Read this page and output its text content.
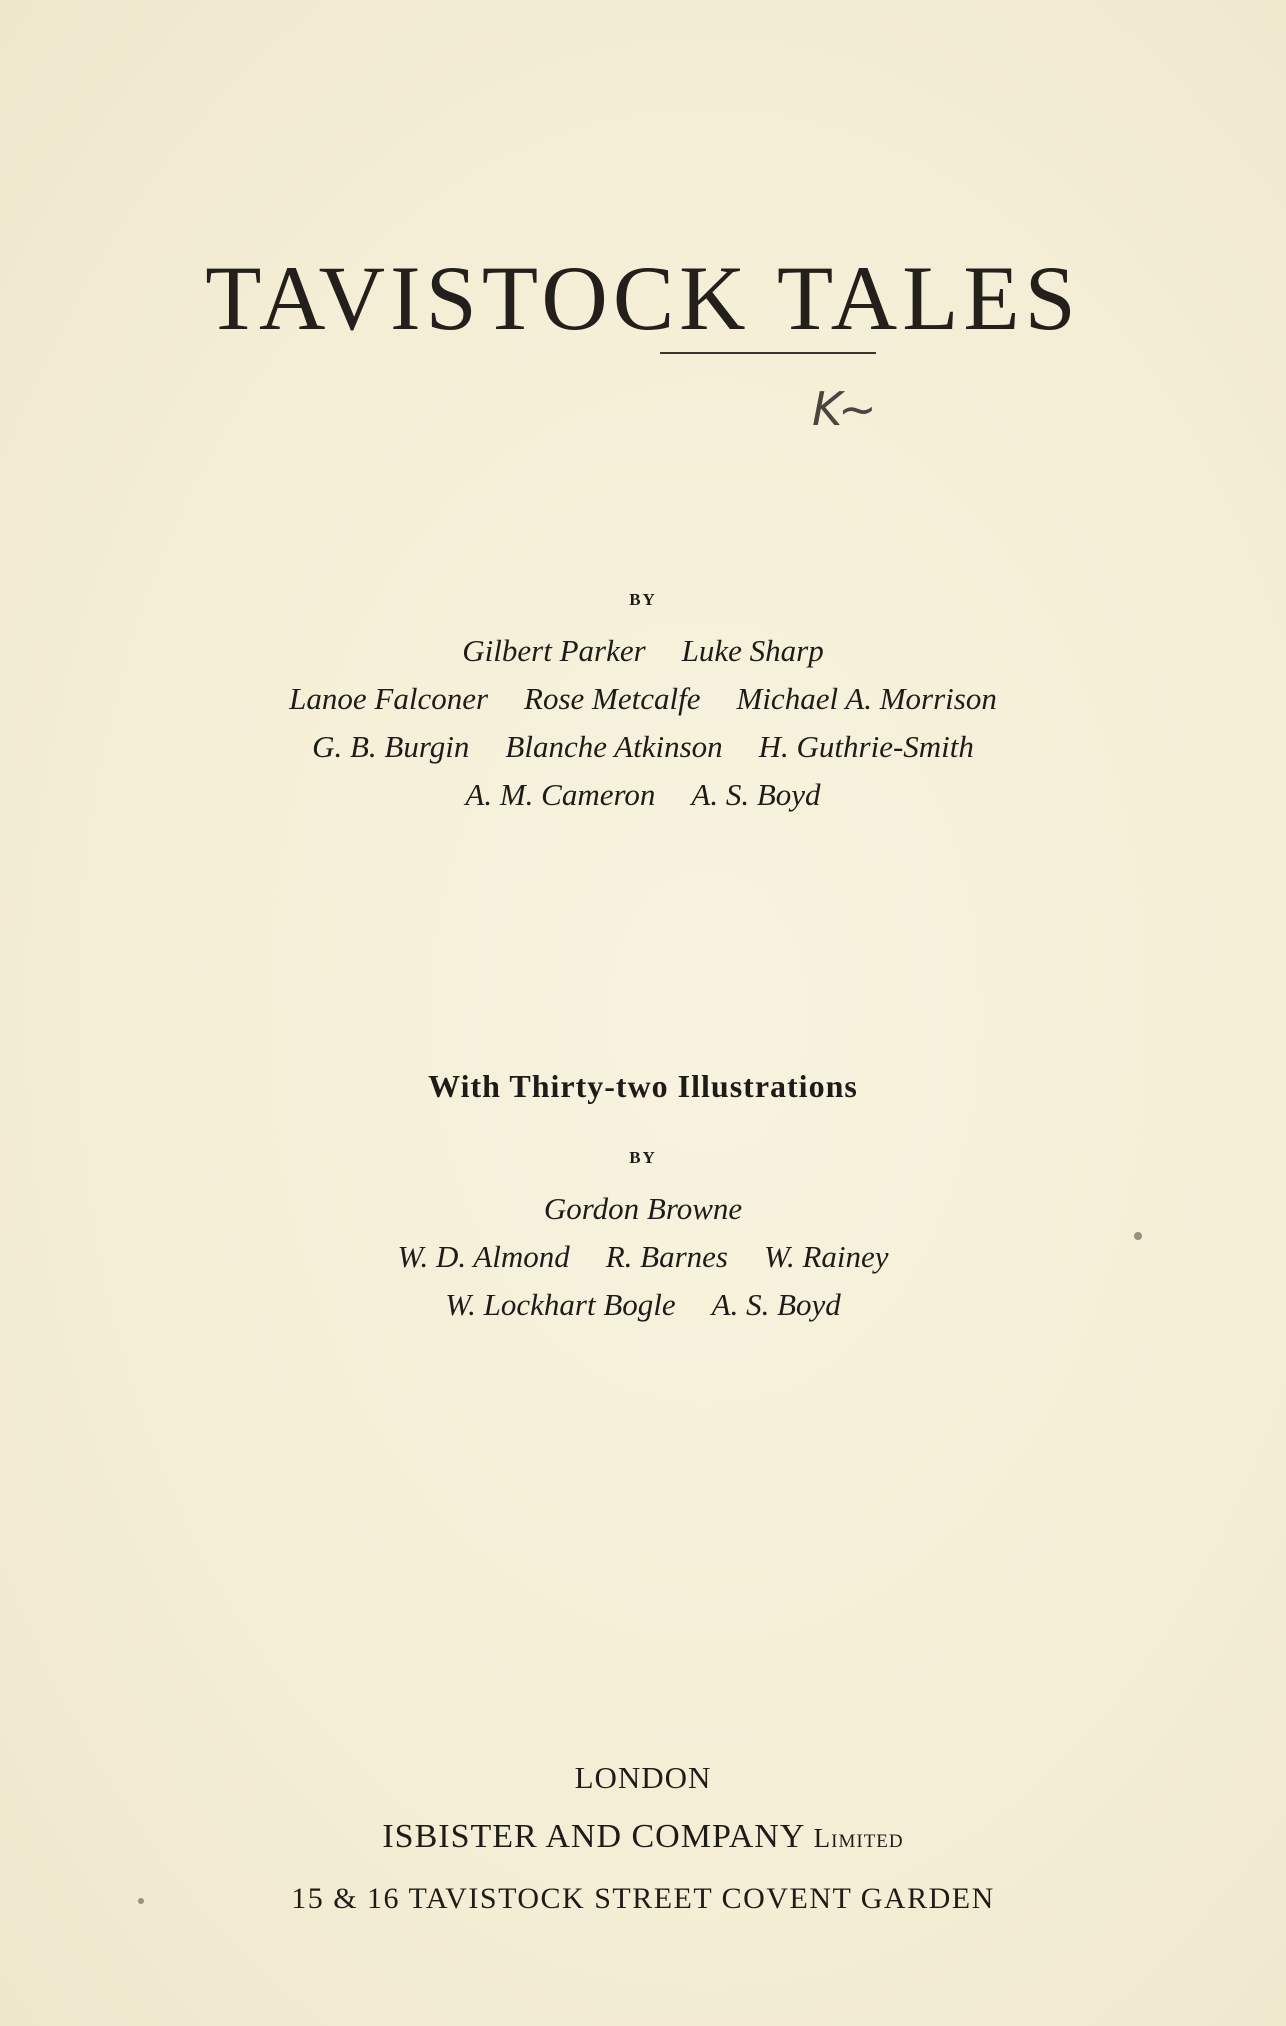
TAVISTOCK TALES
K~
BY
Gilbert Parker Luke Sharp
Lanoe Falconer Rose Metcalfe Michael A. Morrison
G. B. Burgin Blanche Atkinson H. Guthrie-Smith
A. M. Cameron A. S. Boyd
With Thirty-two Illustrations
BY
Gordon Browne
W. D. Almond R. Barnes W. Rainey
W. Lockhart Bogle A. S. Boyd
LONDON
ISBISTER AND COMPANY Limited
15 & 16 TAVISTOCK STREET COVENT GARDEN
